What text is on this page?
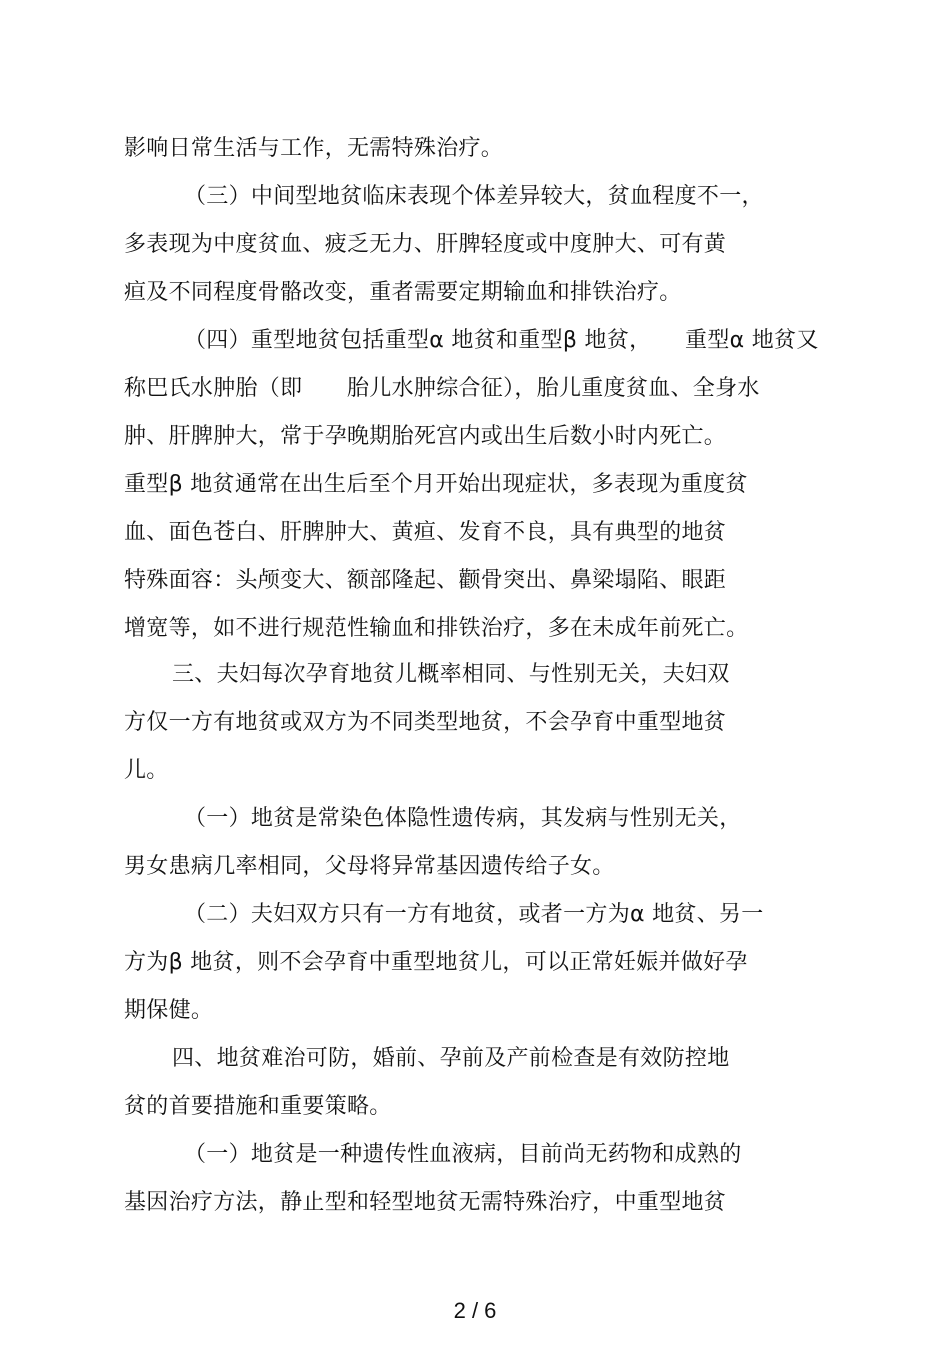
影响日常生活与工作，无需特殊治疗。
（三）中间型地贫临床表现个体差异较大，贫血程度不一，
多表现为中度贫血、疲乏无力、肝脾轻度或中度肿大、可有黄
疸及不同程度骨骼改变，重者需要定期输血和排铁治疗。
（四）重型地贫包括重型α 地贫和重型β 地贫，　　重型α 地贫又
称巴氏水肿胎（即　　胎儿水肿综合征），胎儿重度贫血、全身水
肿、肝脾肿大，常于孕晚期胎死宫内或出生后数小时内死亡。
重型β 地贫通常在出生后至个月开始出现症状，多表现为重度贫
血、面色苍白、肝脾肿大、黄疸、发育不良，具有典型的地贫
特殊面容：头颅变大、额部隆起、颧骨突出、鼻梁塌陷、眼距
增宽等，如不进行规范性输血和排铁治疗，多在未成年前死亡。
三、夫妇每次孕育地贫儿概率相同、与性别无关，夫妇双
方仅一方有地贫或双方为不同类型地贫，不会孕育中重型地贫
儿。
（一）地贫是常染色体隐性遗传病，其发病与性别无关，
男女患病几率相同，父母将异常基因遗传给子女。
（二）夫妇双方只有一方有地贫，或者一方为α 地贫、另一
方为β 地贫，则不会孕育中重型地贫儿，可以正常妊娠并做好孕
期保健。
四、地贫难治可防，婚前、孕前及产前检查是有效防控地
贫的首要措施和重要策略。
（一）地贫是一种遗传性血液病，目前尚无药物和成熟的
基因治疗方法，静止型和轻型地贫无需特殊治疗，中重型地贫
2 / 6
